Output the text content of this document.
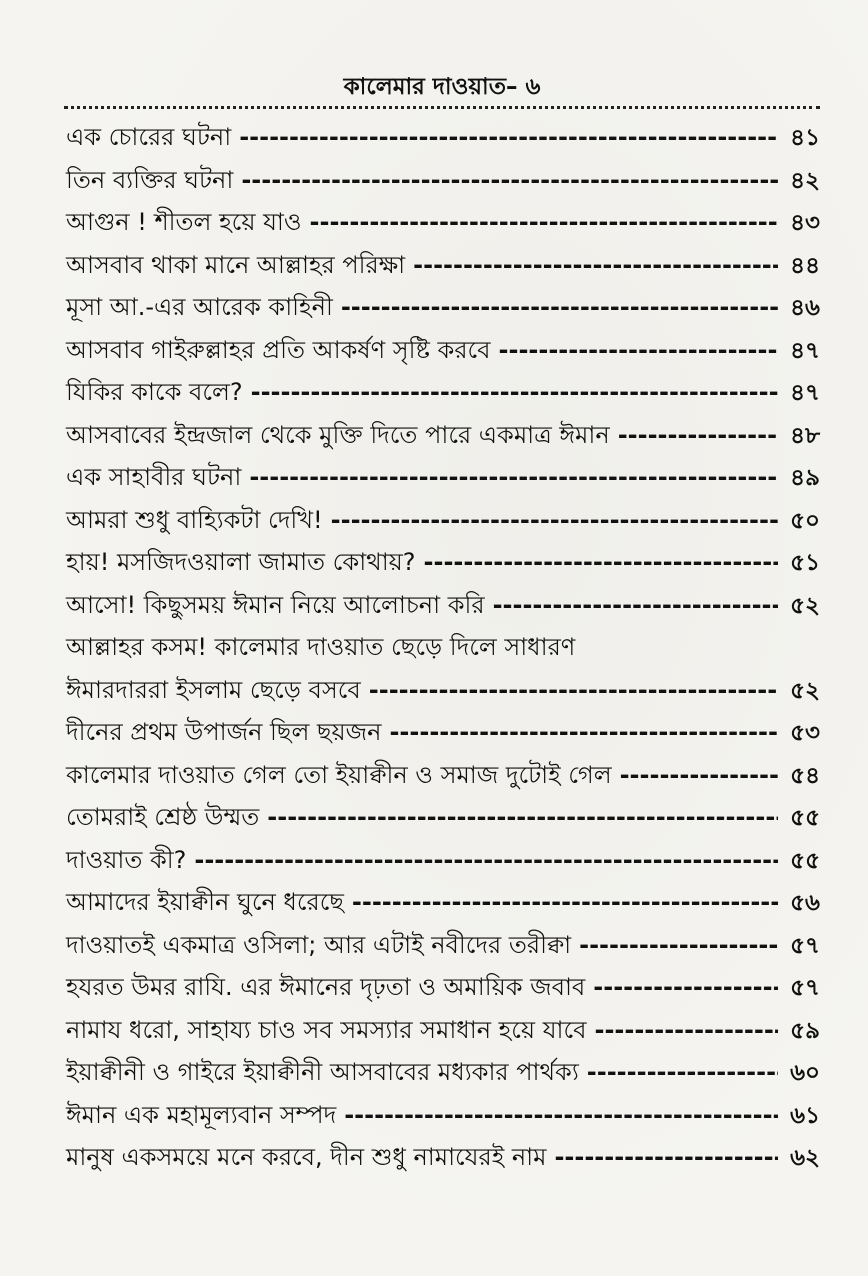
কালেমার দাওয়াত– ৬
এক চোরের ঘটনা -----	৪১
তিন ব্যক্তির ঘটনা -----	৪২
আগুন ! শীতল হয়ে যাও -----	৪৩
আসবাব থাকা মানে আল্লাহর পরিক্ষা -----	৪৪
মূসা আ.-এর আরেক কাহিনী -----	৪৬
আসবাব গাইরুল্লাহর প্রতি আকর্ষণ সৃষ্টি করবে -----	৪৭
যিকির কাকে বলে? -----	৪৭
আসবাবের ইন্দ্রজাল থেকে মুক্তি দিতে পারে একমাত্র ঈমান -----	৪৮
এক সাহাবীর ঘটনা -----	৪৯
আমরা শুধু বাহ্যিকটা দেখি! -----	৫০
হায়! মসজিদওয়ালা জামাত কোথায়? -----	৫১
আসো! কিছুসময় ঈমান নিয়ে আলোচনা করি -----	৫২
আল্লাহর কসম! কালেমার দাওয়াত ছেড়ে দিলে সাধারণ
ঈমারদাররা ইসলাম ছেড়ে বসবে -----	৫২
দীনের প্রথম উপার্জন ছিল ছয়জন -----	৫৩
কালেমার দাওয়াত গেল তো ইয়াক্বীন ও সমাজ দুটোই গেল -----	৫৪
তোমরাই শ্রেষ্ঠ উম্মত -----	৫৫
দাওয়াত কী? -----	৫৫
আমাদের ইয়াক্বীন ঘুনে ধরেছে -----	৫৬
দাওয়াতই একমাত্র ওসিলা; আর এটাই নবীদের তরীক্বা -----	৫৭
হযরত উমর রাযি. এর ঈমানের দৃঢ়তা ও অমায়িক জবাব -----	৫৭
নামায ধরো, সাহায্য চাও সব সমস্যার সমাধান হয়ে যাবে -----	৫৯
ইয়াক্বীনী ও গাইরে ইয়াক্বীনী আসবাবের মধ্যকার পার্থক্য -----	৬০
ঈমান এক মহামূল্যবান সম্পদ -----	৬১
মানুষ একসময়ে মনে করবে, দীন শুধু নামাযেরই নাম -----	৬২
